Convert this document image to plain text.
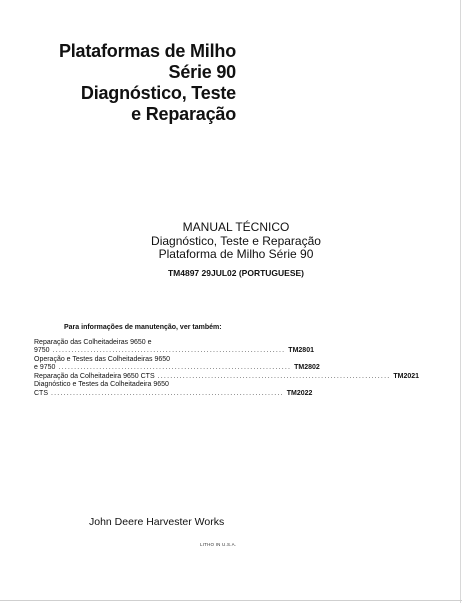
Plataformas de Milho
Série 90
Diagnóstico, Teste
e Reparação
MANUAL TÉCNICO
Diagnóstico, Teste e Reparação
Plataforma de Milho Série 90
TM4897 29JUL02 (PORTUGUESE)
Para informações de manutenção, ver também:
Reparação das Colheitadeiras 9650 e
9750 .......................................................................... TM2801
Operação e Testes das Colheitadeiras 9650
e 9750 .......................................................................... TM2802
Reparação da Colheitadeira 9650 CTS .......................................................................... TM2021
Diagnóstico e Testes da Colheitadeira 9650
CTS .......................................................................... TM2022
John Deere Harvester Works
LITHO IN U.S.A.
